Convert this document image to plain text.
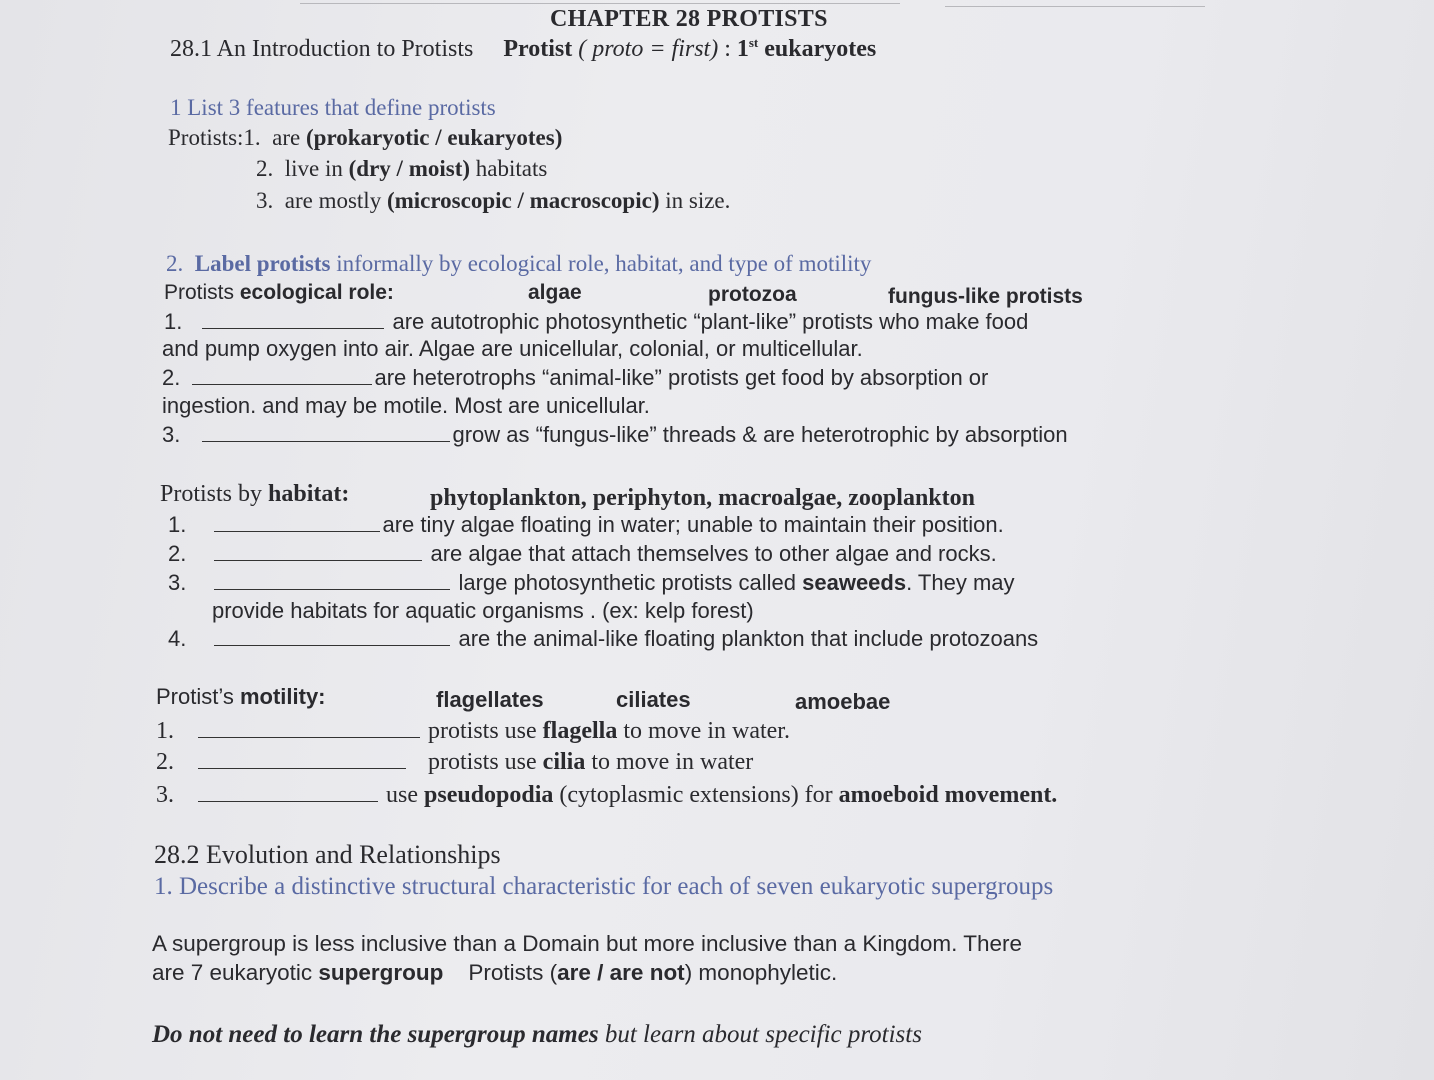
CHAPTER 28 PROTISTS
28.1 An Introduction to Protists Protist ( proto = first) : 1st eukaryotes
1 List 3 features that define protists
Protists:1. are (prokaryotic / eukaryotes)
2. live in (dry / moist) habitats
3. are mostly (microscopic / macroscopic) in size.
2. Label protists informally by ecological role, habitat, and type of motility
Protists ecological role:	algae	protozoa	fungus-like protists
1.	are autotrophic photosynthetic “plant-like” protists who make food
and pump oxygen into air. Algae are unicellular, colonial, or multicellular.
2.	are heterotrophs “animal-like” protists get food by absorption or
ingestion. and may be motile. Most are unicellular.
3.	grow as “fungus-like” threads & are heterotrophic by absorption
Protists by habitat:	phytoplankton, periphyton, macroalgae, zooplankton
1.	are tiny algae floating in water; unable to maintain their position.
2.	are algae that attach themselves to other algae and rocks.
3.	large photosynthetic protists called seaweeds. They may
provide habitats for aquatic organisms . (ex: kelp forest)
4.	are the animal-like floating plankton that include protozoans
Protist’s motility:	flagellates	ciliates	amoebae
1.	protists use flagella to move in water.
2.	protists use cilia to move in water
3.	use pseudopodia (cytoplasmic extensions) for amoeboid movement.
28.2 Evolution and Relationships
1. Describe a distinctive structural characteristic for each of seven eukaryotic supergroups
A supergroup is less inclusive than a Domain but more inclusive than a Kingdom. There
are 7 eukaryotic supergroup    Protists (are / are not) monophyletic.
Do not need to learn the supergroup names but learn about specific protists
